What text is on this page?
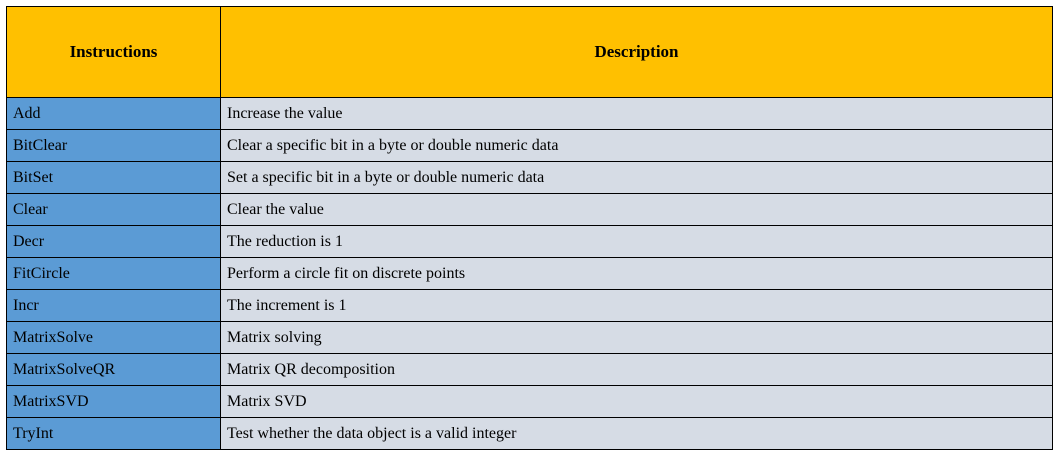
Instructions	Description
Add	Increase the value
BitClear	Clear a specific bit in a byte or double numeric data
BitSet	Set a specific bit in a byte or double numeric data
Clear	Clear the value
Decr	The reduction is 1
FitCircle	Perform a circle fit on discrete points
Incr	The increment is 1
MatrixSolve	Matrix solving
MatrixSolveQR	Matrix QR decomposition
MatrixSVD	Matrix SVD
TryInt	Test whether the data object is a valid integer
